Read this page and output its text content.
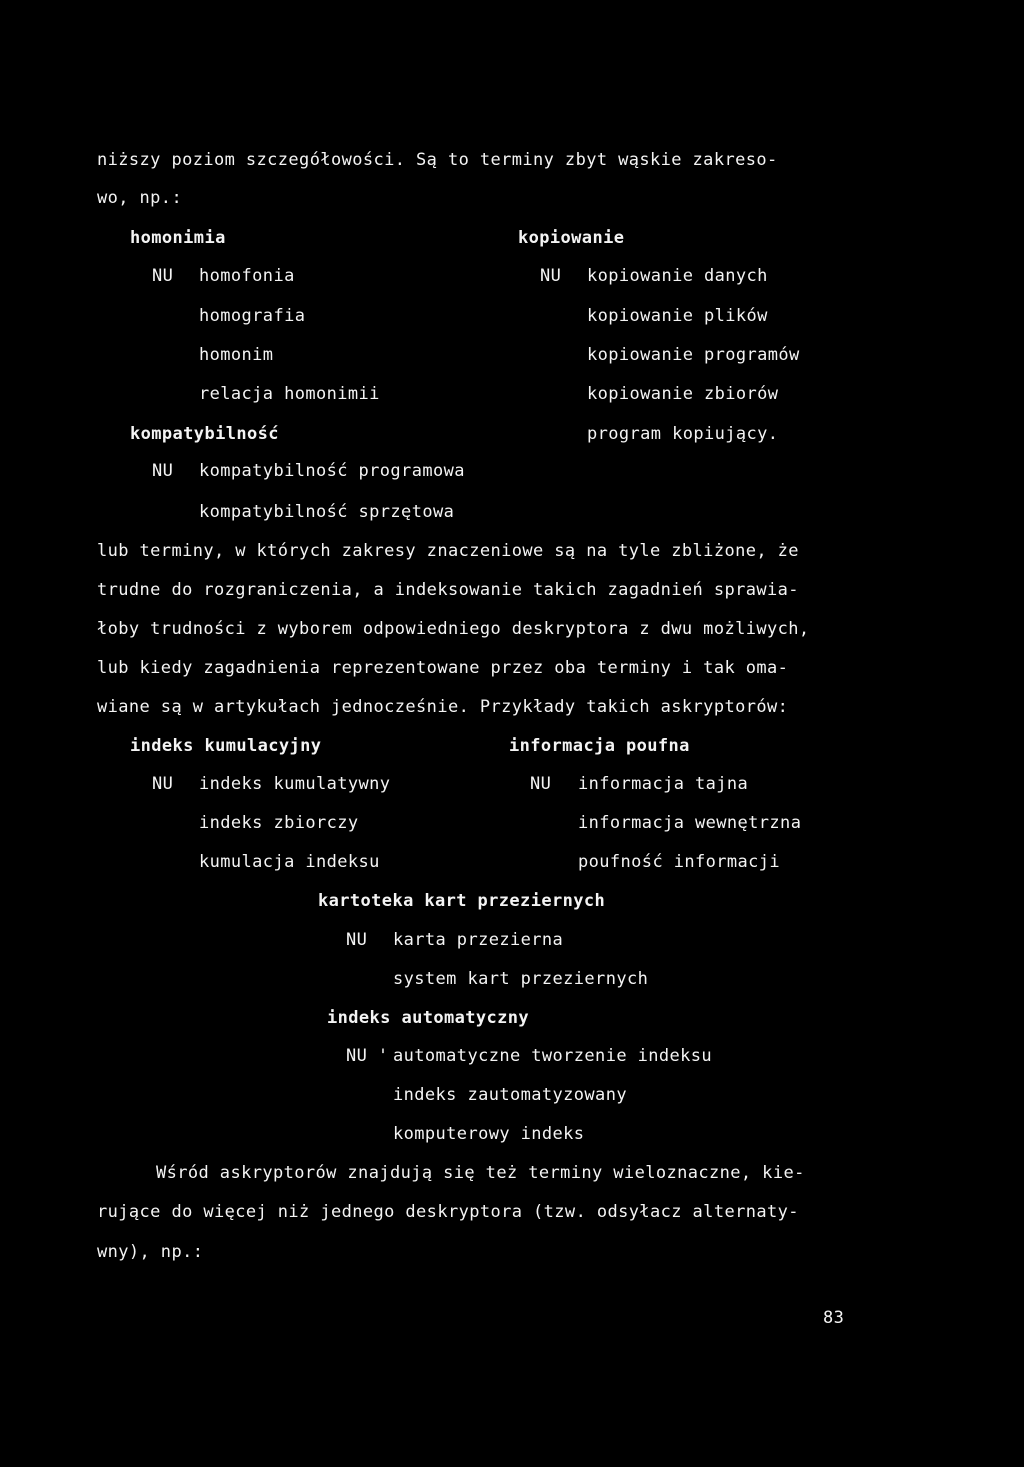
niższy poziom szczegółowości. Są to terminy zbyt wąskie zakreso-
wo, np.:
homonimia
NU homofonia
homografia
homonim
relacja homonimii
kompatybilność
NU kompatybilność programowa
kompatybilność sprzętowa
kopiowanie
NU kopiowanie danych
kopiowanie plików
kopiowanie programów
kopiowanie zbiorów
program kopiujący.
lub terminy, w których zakresy znaczeniowe są na tyle zbliżone, że
trudne do rozgraniczenia, a indeksowanie takich zagadnień sprawia-
łoby trudności z wyborem odpowiedniego deskryptora z dwu możliwych,
lub kiedy zagadnienia reprezentowane przez oba terminy i tak oma-
wiane są w artykułach jednocześnie. Przykłady takich askryptorów:
indeks kumulacyjny
NU indeks kumulatywny
indeks zbiorczy
kumulacja indeksu
informacja poufna
NU informacja tajna
informacja wewnętrzna
poufność informacji
kartoteka kart przeziernych
NU karta przezierna
system kart przeziernych
indeks automatyczny
NU ' automatyczne tworzenie indeksu
indeks zautomatyzowany
komputerowy indeks
Wśród askryptorów znajdują się też terminy wieloznaczne, kie-
rujące do więcej niż jednego deskryptora (tzw. odsyłacz alternaty-
wny), np.:
83
